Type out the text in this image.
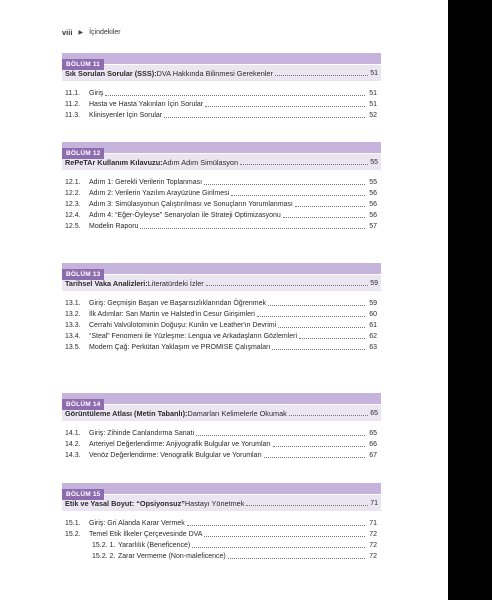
viii ▶ İçindekiler
BÖLÜM 11
Sık Sorulan Sorular (SSS): DVA Hakkında Bilinmesi Gerekenler	51
11.1.	Giriş	51
11.2.	Hasta ve Hasta Yakınları İçin Sorular	51
11.3.	Klinisyenler İçin Sorular	52
BÖLÜM 12
RePeTAr Kullanım Kılavuzu: Adım Adım Simülasyon	55
12.1.	Adım 1: Gerekli Verilerin Toplanması	55
12.2.	Adım 2: Verilerin Yazılım Arayüzüne Girilmesi	56
12.3.	Adım 3: Simülasyonun Çalıştırılması ve Sonuçların Yorumlanması	56
12.4.	Adım 4: “Eğer-Öyleyse” Senaryoları ile Strateji Optimizasyonu	56
12.5.	Modelin Raporu	57
BÖLÜM 13
Tarihsel Vaka Analizleri: Literatürdeki İzler	59
13.1.	Giriş: Geçmişin Başarı ve Başarısızlıklarından Öğrenmek	59
13.2.	İlk Adımlar: San Martin ve Halsted'in Cesur Girişimleri	60
13.3.	Cerrahi Valvülotominin Doğuşu: Kunlin ve Leather'ın Devrimi	61
13.4.	“Steal” Fenomeni ile Yüzleşme: Lengua ve Arkadaşların Gözlemleri	62
13.5.	Modern Çağ: Perkütan Yaklaşım ve PROMISE Çalışmaları	63
BÖLÜM 14
Görüntüleme Atlası (Metin Tabanlı): Damarları Kelimelerle Okumak	65
14.1.	Giriş: Zihinde Canlandırma Sanatı	65
14.2.	Arteriyel Değerlendirme: Anjiyografik Bulgular ve Yorumları	66
14.3.	Venöz Değerlendirme: Venografik Bulgular ve Yorumları	67
BÖLÜM 15
Etik ve Yasal Boyut: “Opsiyonsuz” Hastayı Yönetmek	71
15.1.	Giriş: Gri Alanda Karar Vermek	71
15.2.	Temel Etik İlkeler Çerçevesinde DVA	72
15.2. 1. Yararlılık (Beneficence)	72
15.2. 2. Zarar Vermeme (Non-maleficence)	72
